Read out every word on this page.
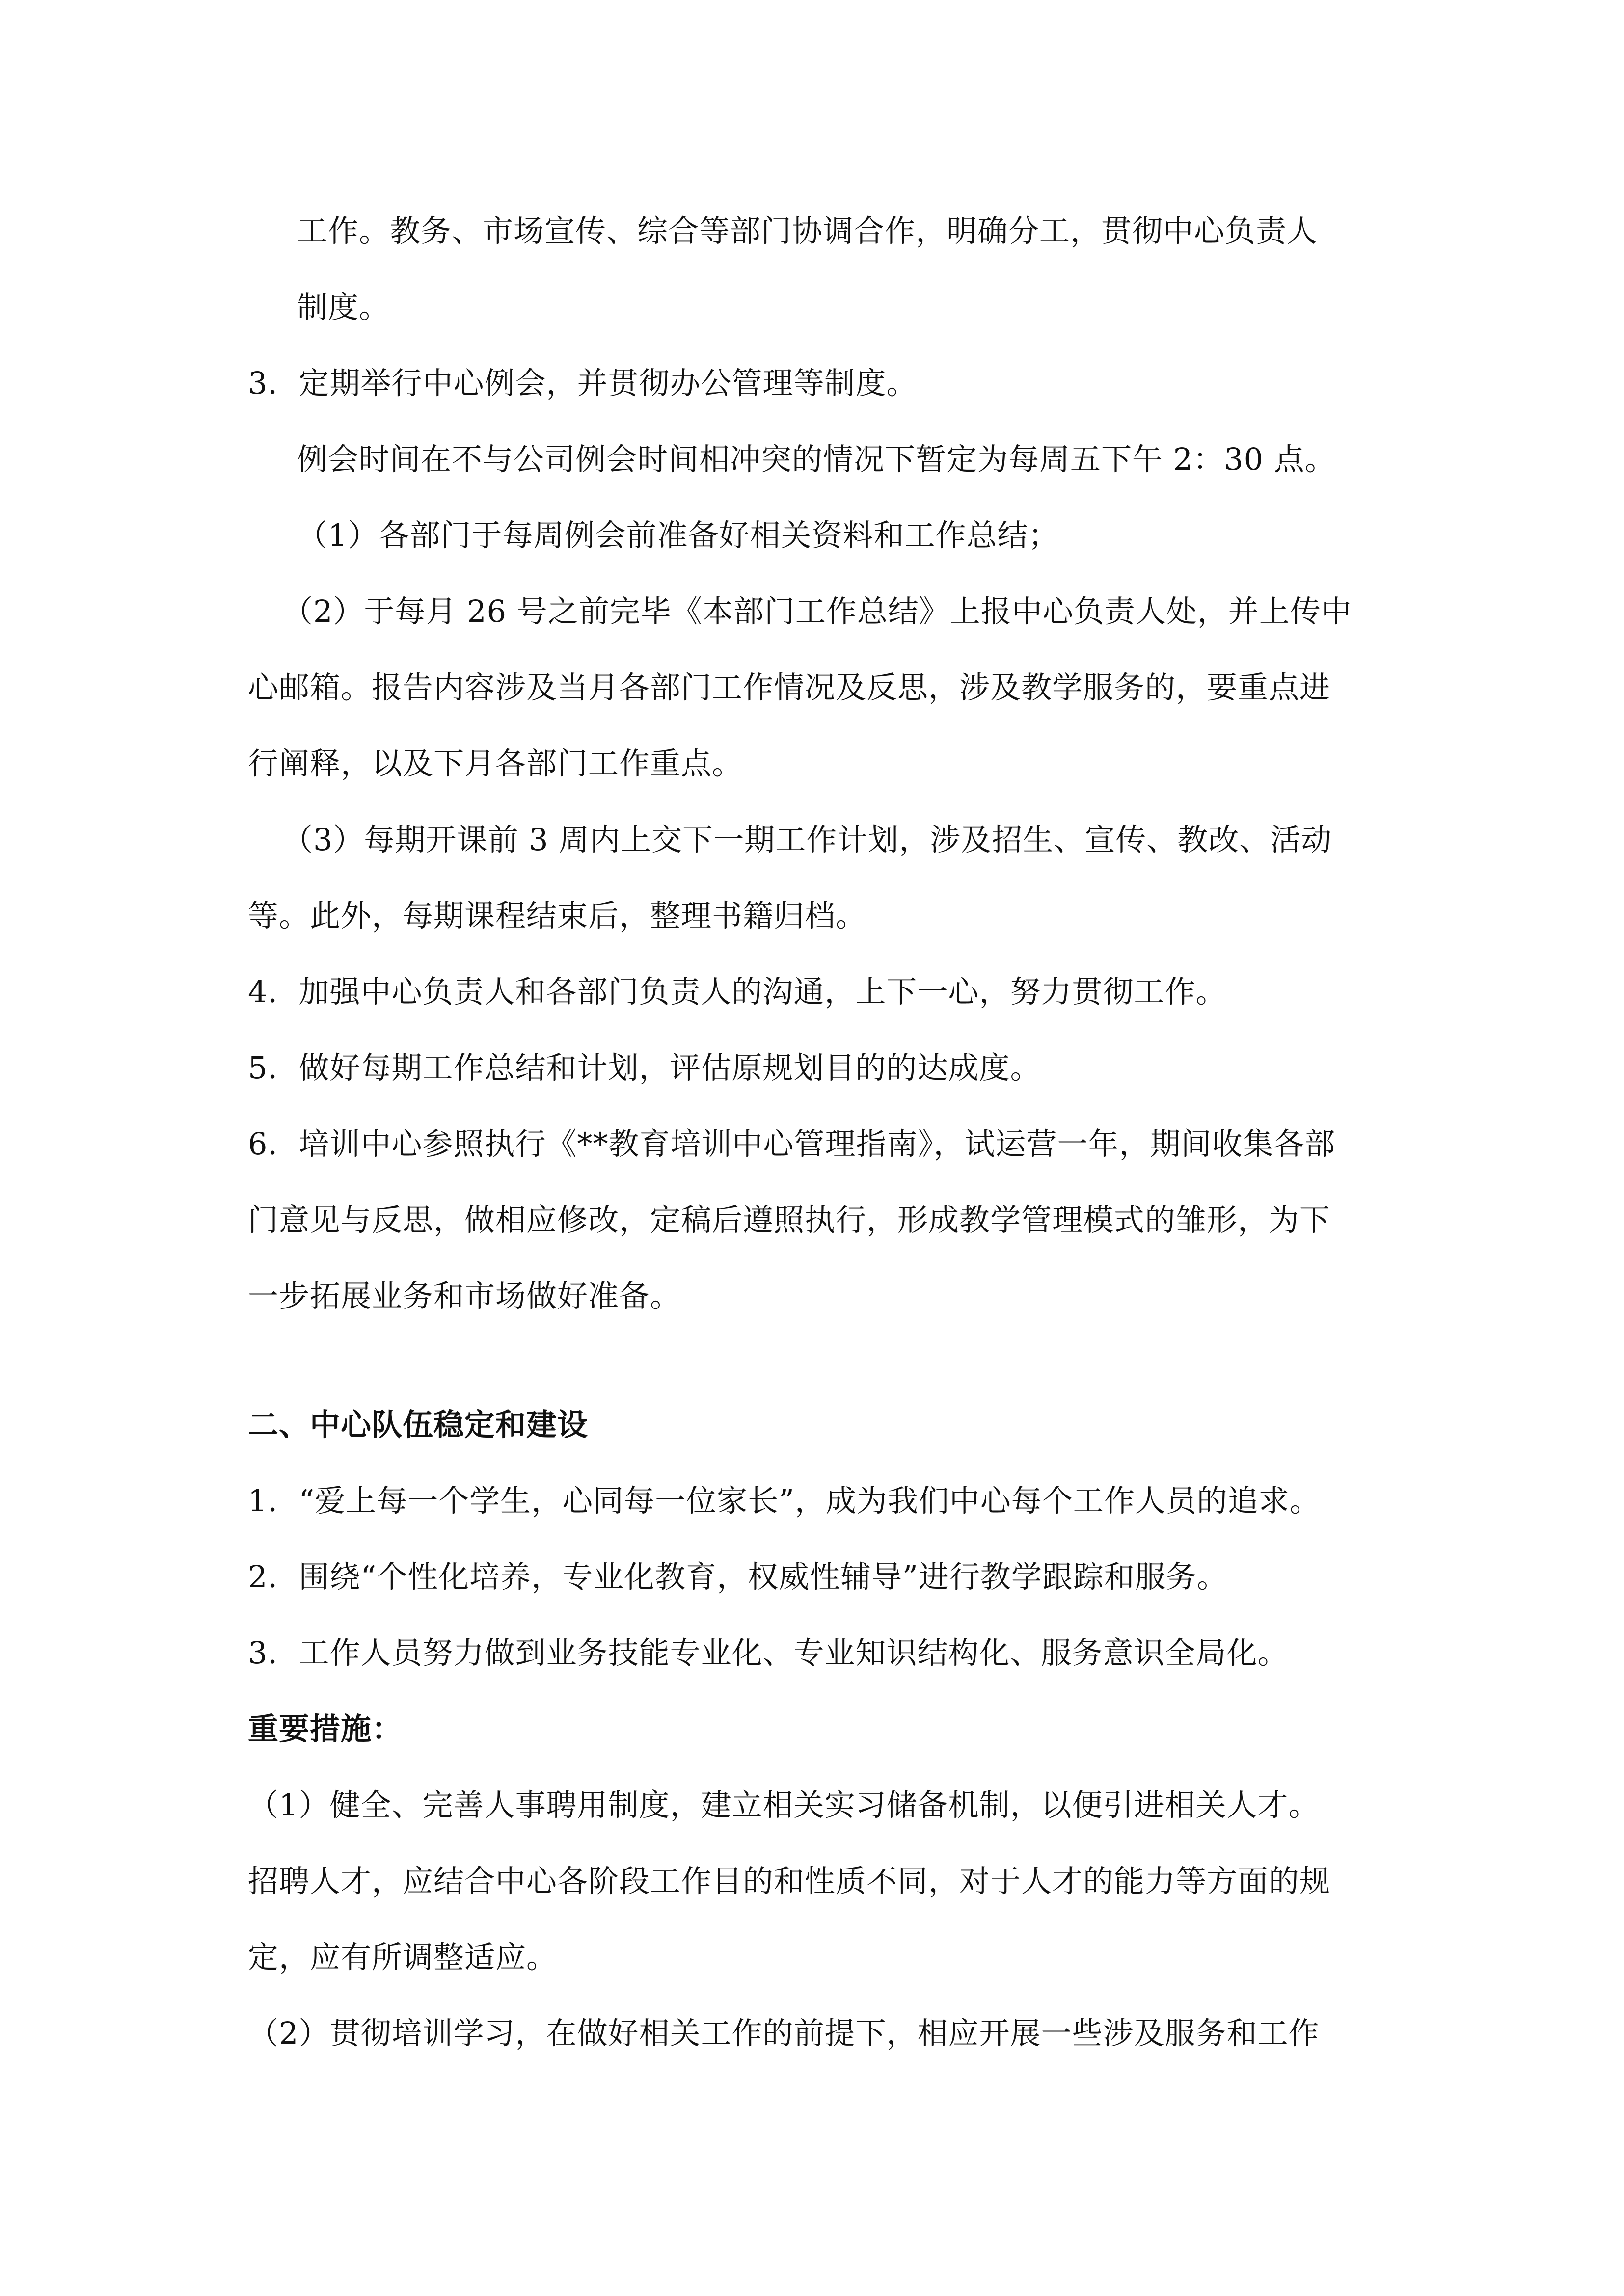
工作。教务、市场宣传、综合等部门协调合作，明确分工，贯彻中心负责人
制度。
3．定期举行中心例会，并贯彻办公管理等制度。
例会时间在不与公司例会时间相冲突的情况下暂定为每周五下午 2：30 点。
（1）各部门于每周例会前准备好相关资料和工作总结；
（2）于每月 26 号之前完毕《本部门工作总结》上报中心负责人处，并上传中
心邮箱。报告内容涉及当月各部门工作情况及反思，涉及教学服务的，要重点进
行阐释，以及下月各部门工作重点。
（3）每期开课前 3 周内上交下一期工作计划，涉及招生、宣传、教改、活动
等。此外，每期课程结束后，整理书籍归档。
4．加强中心负责人和各部门负责人的沟通，上下一心，努力贯彻工作。
5．做好每期工作总结和计划，评估原规划目的的达成度。
6．培训中心参照执行《**教育培训中心管理指南》，试运营一年，期间收集各部
门意见与反思，做相应修改，定稿后遵照执行，形成教学管理模式的雏形，为下
一步拓展业务和市场做好准备。
二、中心队伍稳定和建设
1．“爱上每一个学生，心同每一位家长”，成为我们中心每个工作人员的追求。
2．围绕“个性化培养，专业化教育，权威性辅导”进行教学跟踪和服务。
3．工作人员努力做到业务技能专业化、专业知识结构化、服务意识全局化。
重要措施：
（1）健全、完善人事聘用制度，建立相关实习储备机制，以便引进相关人才。
招聘人才，应结合中心各阶段工作目的和性质不同，对于人才的能力等方面的规
定，应有所调整适应。
（2）贯彻培训学习，在做好相关工作的前提下，相应开展一些涉及服务和工作
